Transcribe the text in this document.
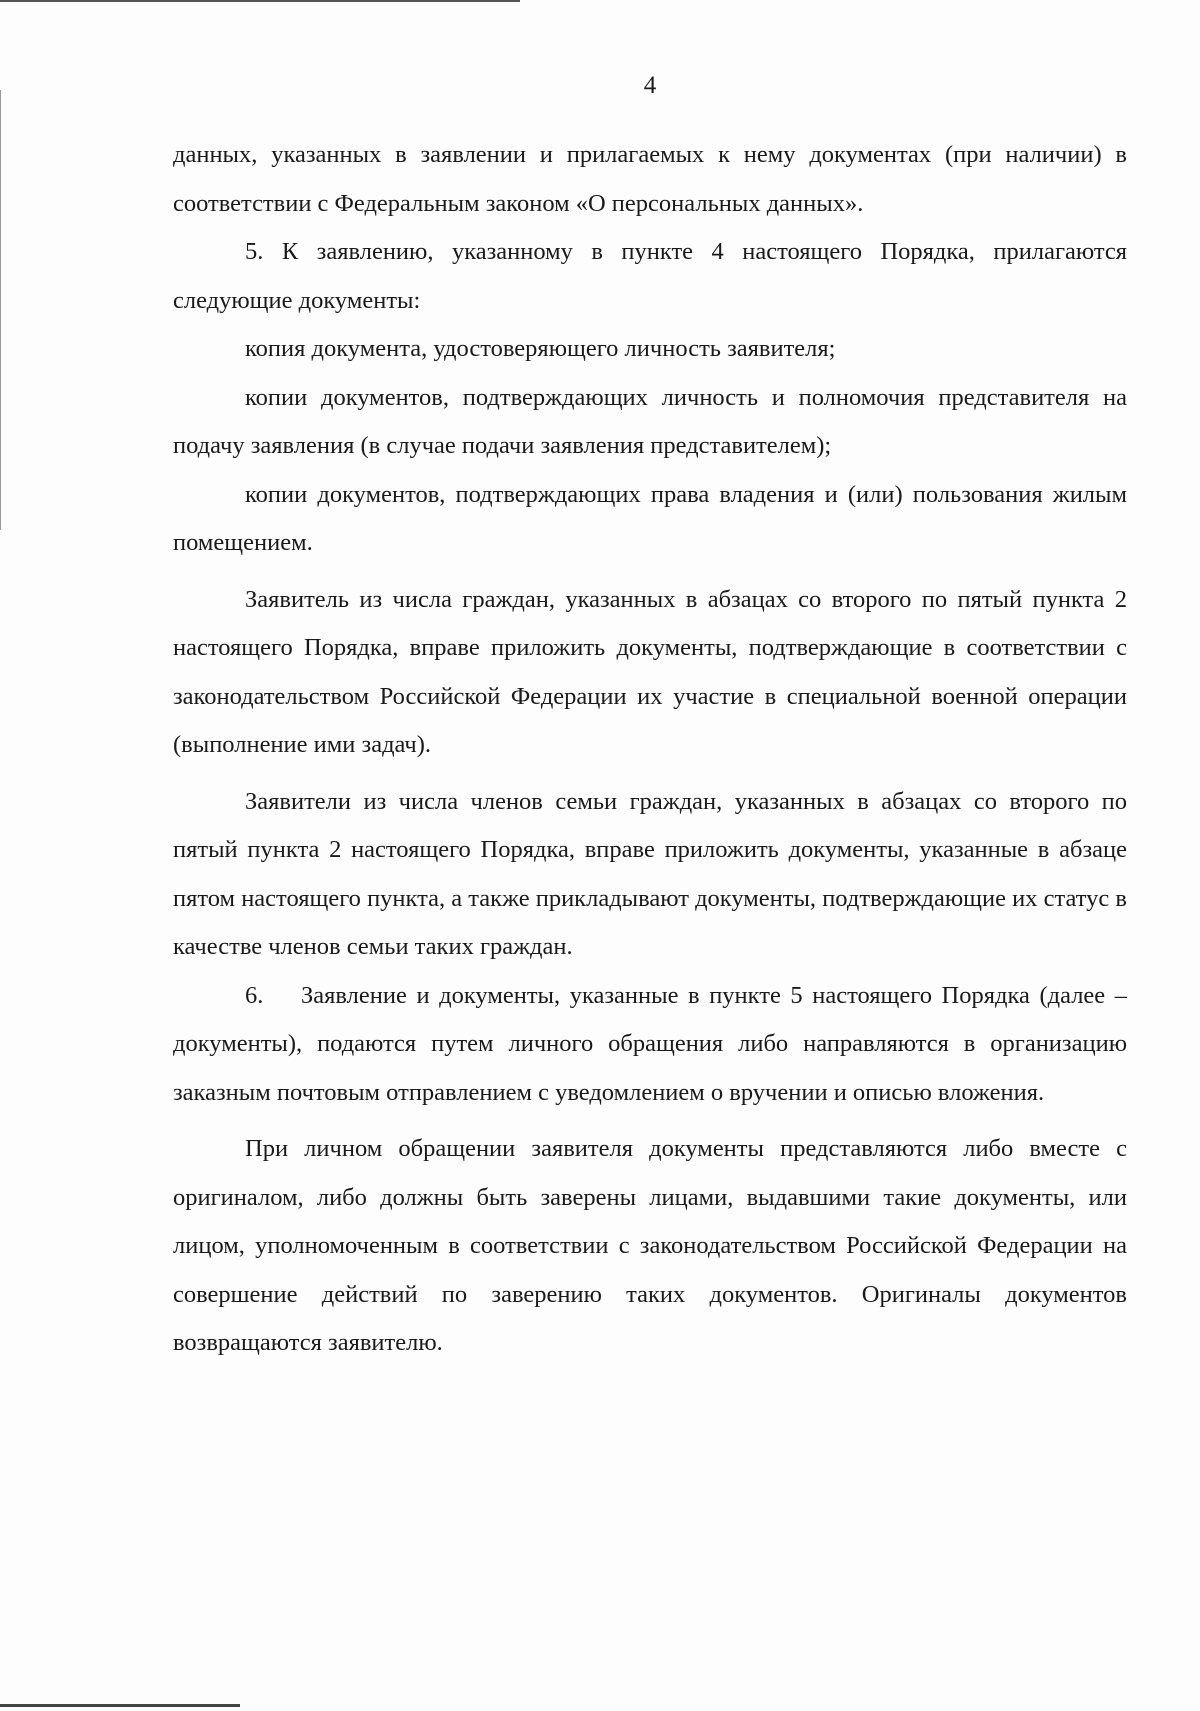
4

данных, указанных в заявлении и прилагаемых к нему документах (при наличии) в соответствии с Федеральным законом «О персональных данных».

5. К заявлению, указанному в пункте 4 настоящего Порядка, прилагаются следующие документы:

копия документа, удостоверяющего личность заявителя;

копии документов, подтверждающих личность и полномочия представителя на подачу заявления (в случае подачи заявления представителем);

копии документов, подтверждающих права владения и (или) пользования жилым помещением.

Заявитель из числа граждан, указанных в абзацах со второго по пятый пункта 2 настоящего Порядка, вправе приложить документы, подтверждающие в соответствии с законодательством Российской Федерации их участие в специальной военной операции (выполнение ими задач).

Заявители из числа членов семьи граждан, указанных в абзацах со второго по пятый пункта 2 настоящего Порядка, вправе приложить документы, указанные в абзаце пятом настоящего пункта, а также прикладывают документы, подтверждающие их статус в качестве членов семьи таких граждан.

6. Заявление и документы, указанные в пункте 5 настоящего Порядка (далее – документы), подаются путем личного обращения либо направляются в организацию заказным почтовым отправлением с уведомлением о вручении и описью вложения.

При личном обращении заявителя документы представляются либо вместе с оригиналом, либо должны быть заверены лицами, выдавшими такие документы, или лицом, уполномоченным в соответствии с законодательством Российской Федерации на совершение действий по заверению таких документов. Оригиналы документов возвращаются заявителю.
